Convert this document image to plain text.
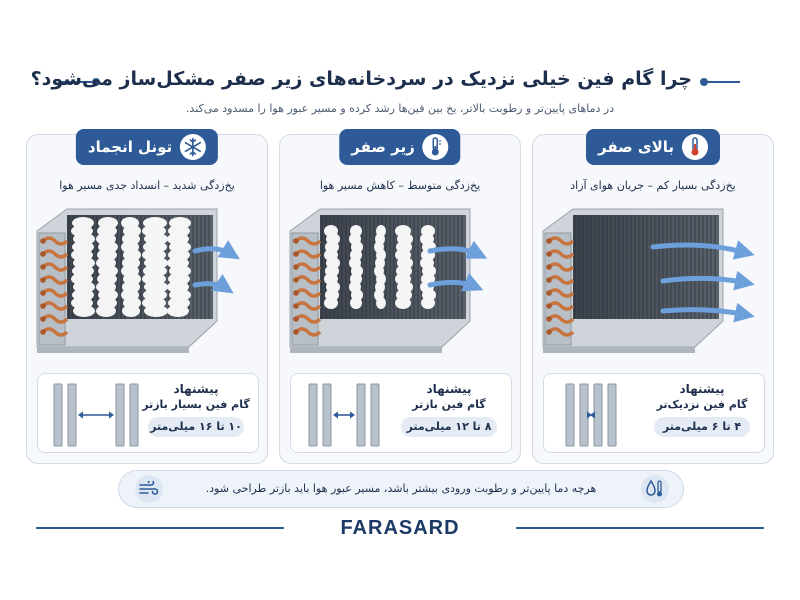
چرا گام فین خیلی نزدیک در سردخانه‌های زیر صفر مشکل‌ساز می‌شود؟
در دماهای پایین‌تر و رطوبت بالاتر، یخ بین فین‌ها رشد کرده و مسیر عبور هوا را مسدود می‌کند.
بالای صفر
یخ‌زدگی بسیار کم – جریان هوای آزاد
پیشنهاد
گام فین نزدیک‌تر
۴ تا ۶ میلی‌متر
زیر صفر
یخ‌زدگی متوسط – کاهش مسیر هوا
پیشنهاد
گام فین بازتر
۸ تا ۱۲ میلی‌متر
تونل انجماد
یخ‌زدگی شدید – انسداد جدی مسیر هوا
پیشنهاد
گام فین بسیار بازتر
۱۰ تا ۱۶ میلی‌متر
هرچه دما پایین‌تر و رطوبت ورودی بیشتر باشد، مسیر عبور هوا باید بازتر طراحی شود.
FARASARD
